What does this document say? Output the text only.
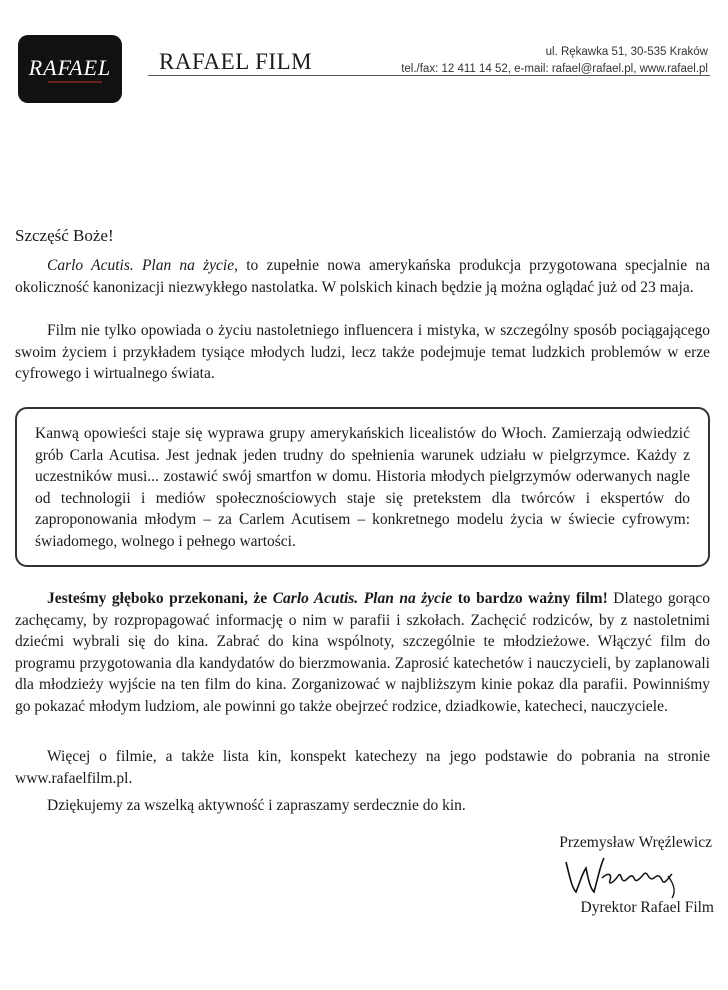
RAFAEL RAFAEL FILM	ul. Rękawka 51, 30-535 Kraków
tel./fax: 12 411 14 52, e-mail: rafael@rafael.pl, www.rafael.pl
Szczęść Boże!

Carlo Acutis. Plan na życie, to zupełnie nowa amerykańska produkcja przygotowana specjalnie na okoliczność kanonizacji niezwykłego nastolatka. W polskich kinach będzie ją można oglądać już od 23 maja.

Film nie tylko opowiada o życiu nastoletniego influencera i mistyka, w szczególny sposób pociągającego swoim życiem i przykładem tysiące młodych ludzi, lecz także podejmuje temat ludzkich problemów w erze cyfrowego i wirtualnego świata.

Kanwą opowieści staje się wyprawa grupy amerykańskich licealistów do Włoch. Zamierzają odwiedzić grób Carla Acutisa. Jest jednak jeden trudny do spełnienia warunek udziału w pielgrzymce. Każdy z uczestników musi... zostawić swój smartfon w domu. Historia młodych pielgrzymów oderwanych nagle od technologii i mediów społecznościowych staje się pretekstem dla twórców i ekspertów do zaproponowania młodym – za Carlem Acutisem – konkretnego modelu życia w świecie cyfrowym: świadomego, wolnego i pełnego wartości.

Jesteśmy głęboko przekonani, że Carlo Acutis. Plan na życie to bardzo ważny film! Dlatego gorąco zachęcamy, by rozpropagować informację o nim w parafii i szkołach. Zachęcić rodziców, by z nastoletnimi dziećmi wybrali się do kina. Zabrać do kina wspólnoty, szczególnie te młodzieżowe. Włączyć film do programu przygotowania dla kandydatów do bierzmowania. Zaprosić katechetów i nauczycieli, by zaplanowali dla młodzieży wyjście na ten film do kina. Zorganizować w najbliższym kinie pokaz dla parafii. Powinniśmy go pokazać młodym ludziom, ale powinni go także obejrzeć rodzice, dziadkowie, katecheci, nauczyciele.

Więcej o filmie, a także lista kin, konspekt katechezy na jego podstawie do pobrania na stronie www.rafaelfilm.pl.

Dziękujemy za wszelką aktywność i zapraszamy serdecznie do kin.

Przemysław Wręźlewicz
Dyrektor Rafael Film
